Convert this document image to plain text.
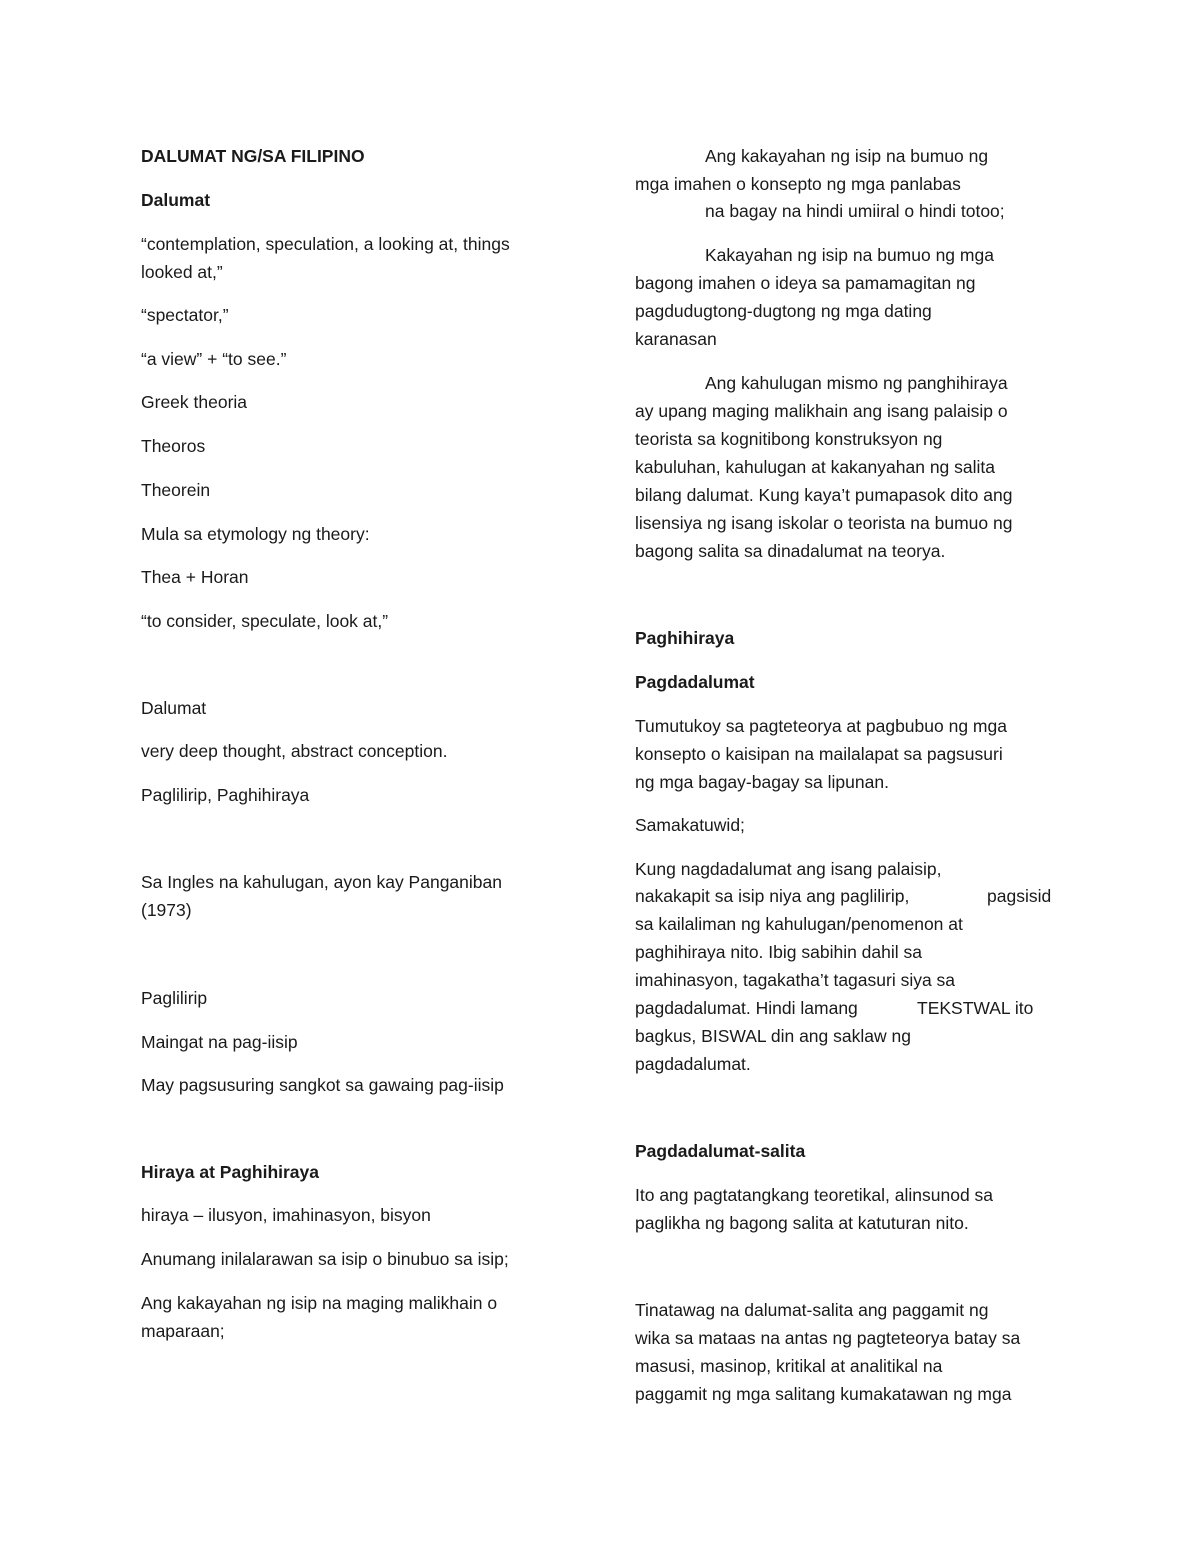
DALUMAT NG/SA FILIPINO
Dalumat
“contemplation, speculation, a looking at, things
looked at,”
“spectator,”
“a view” + “to see.”
Greek theoria
Theoros
Theorein
Mula sa etymology ng theory:
Thea + Horan
“to consider, speculate, look at,”
Dalumat
very deep thought, abstract conception.
Paglilirip, Paghihiraya
Sa Ingles na kahulugan, ayon kay Panganiban
(1973)
Paglilirip
Maingat na pag-iisip
May pagsusuring sangkot sa gawaing pag-iisip
Hiraya at Paghihiraya
hiraya – ilusyon, imahinasyon, bisyon
Anumang inilalarawan sa isip o binubuo sa isip;
Ang kakayahan ng isip na maging malikhain o
maparaan;
Ang kakayahan ng isip na bumuo ng
mga imahen o konsepto ng mga panlabas
na bagay na hindi umiiral o hindi totoo;
Kakayahan ng isip na bumuo ng mga
bagong imahen o ideya sa pamamagitan ng
pagdudugtong-dugtong ng mga dating
karanasan
Ang kahulugan mismo ng panghihiraya
ay upang maging malikhain ang isang palaisip o
teorista sa kognitibong konstruksyon ng
kabuluhan, kahulugan at kakanyahan ng salita
bilang dalumat. Kung kaya’t pumapasok dito ang
lisensiya ng isang iskolar o teorista na bumuo ng
bagong salita sa dinadalumat na teorya.
Paghihiraya
Pagdadalumat
Tumutukoy sa pagteteorya at pagbubuo ng mga
konsepto o kaisipan na mailalapat sa pagsusuri
ng mga bagay-bagay sa lipunan.
Samakatuwid;
Kung nagdadalumat ang isang palaisip,
nakakapit sa isip niya ang paglilirip,	pagsisid
sa kailaliman ng kahulugan/penomenon at
paghihiraya nito. Ibig sabihin dahil sa
imahinasyon, tagakatha’t tagasuri siya sa
pagdadalumat. Hindi lamang	TEKSTWAL ito
bagkus, BISWAL din ang saklaw ng
pagdadalumat.
Pagdadalumat-salita
Ito ang pagtatangkang teoretikal, alinsunod sa
paglikha ng bagong salita at katuturan nito.
Tinatawag na dalumat-salita ang paggamit ng
wika sa mataas na antas ng pagteteorya batay sa
masusi, masinop, kritikal at analitikal na
paggamit ng mga salitang kumakatawan ng mga
